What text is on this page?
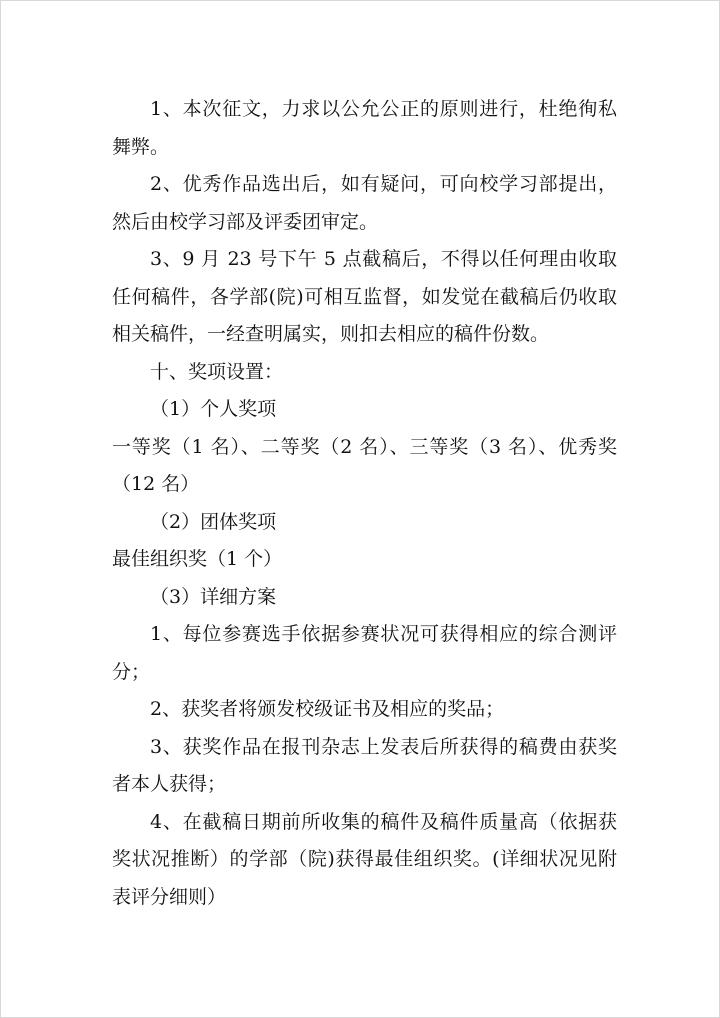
1、本次征文，力求以公允公正的原则进行，杜绝徇私舞弊。

2、优秀作品选出后，如有疑问，可向校学习部提出，然后由校学习部及评委团审定。

3、9 月 23 号下午 5 点截稿后，不得以任何理由收取任何稿件，各学部(院)可相互监督，如发觉在截稿后仍收取相关稿件，一经查明属实，则扣去相应的稿件份数。

十、奖项设置：

（1）个人奖项

一等奖（1 名）、二等奖（2 名）、三等奖（3 名）、优秀奖（12 名）

（2）团体奖项

最佳组织奖（1 个）

（3）详细方案

1、每位参赛选手依据参赛状况可获得相应的综合测评分；

2、获奖者将颁发校级证书及相应的奖品；

3、获奖作品在报刊杂志上发表后所获得的稿费由获奖者本人获得；

4、在截稿日期前所收集的稿件及稿件质量高（依据获奖状况推断）的学部（院)获得最佳组织奖。(详细状况见附表评分细则）
